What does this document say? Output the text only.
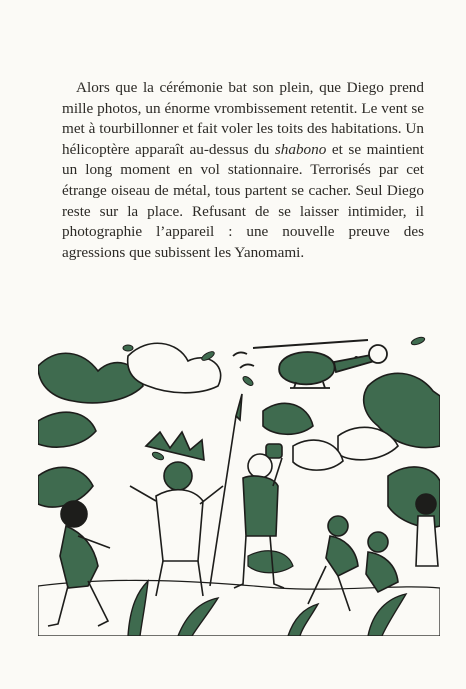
Alors que la cérémonie bat son plein, que Diego prend mille photos, un énorme vrombissement retentit. Le vent se met à tourbillonner et fait voler les toits des habitations. Un hélicoptère apparaît au-dessus du shabono et se maintient un long moment en vol stationnaire. Terrorisés par cet étrange oiseau de métal, tous partent se cacher. Seul Diego reste sur la place. Refusant de se laisser intimider, il photographie l’appareil : une nouvelle preuve des agressions que subissent les Yanomami.
